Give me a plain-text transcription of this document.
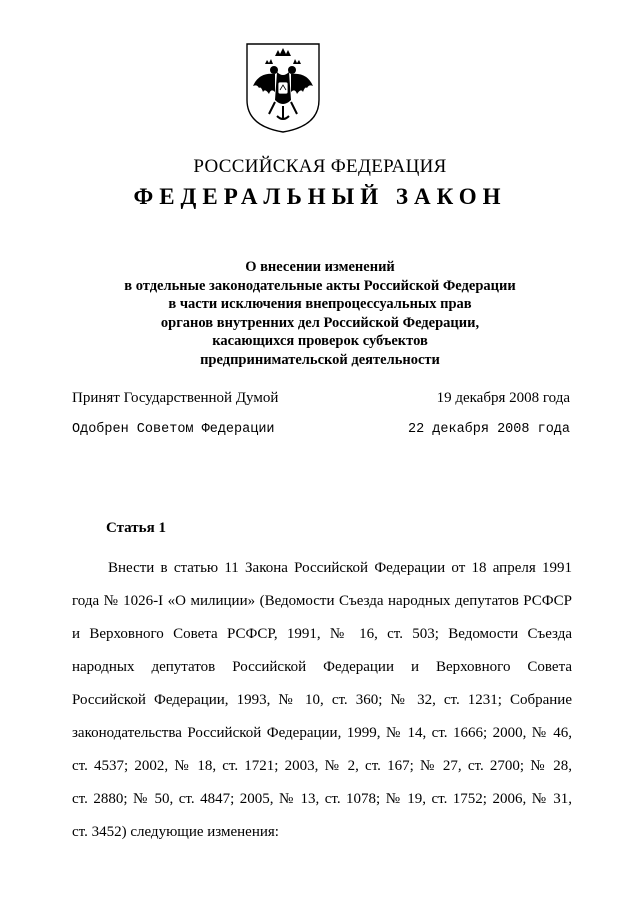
РОССИЙСКАЯ ФЕДЕРАЦИЯ
ФЕДЕРАЛЬНЫЙ ЗАКОН
О внесении изменений
в отдельные законодательные акты Российской Федерации
в части исключения внепроцессуальных прав
органов внутренних дел Российской Федерации,
касающихся проверок субъектов
предпринимательской деятельности
Принят Государственной Думой	19 декабря 2008 года
Одобрен Советом Федерации	22 декабря 2008 года
Статья 1
Внести в статью 11 Закона Российской Федерации от 18 апреля 1991
года № 1026-I «О милиции» (Ведомости Съезда народных депутатов РСФСР
и Верховного Совета РСФСР, 1991, № 16, ст. 503; Ведомости Съезда
народных депутатов Российской Федерации и Верховного Совета
Российской Федерации, 1993, № 10, ст. 360; № 32, ст. 1231; Собрание
законодательства Российской Федерации, 1999, № 14, ст. 1666; 2000, № 46,
ст. 4537; 2002, № 18, ст. 1721; 2003, № 2, ст. 167; № 27, ст. 2700; № 28,
ст. 2880; № 50, ст. 4847; 2005, № 13, ст. 1078; № 19, ст. 1752; 2006, № 31,
ст. 3452) следующие изменения:
